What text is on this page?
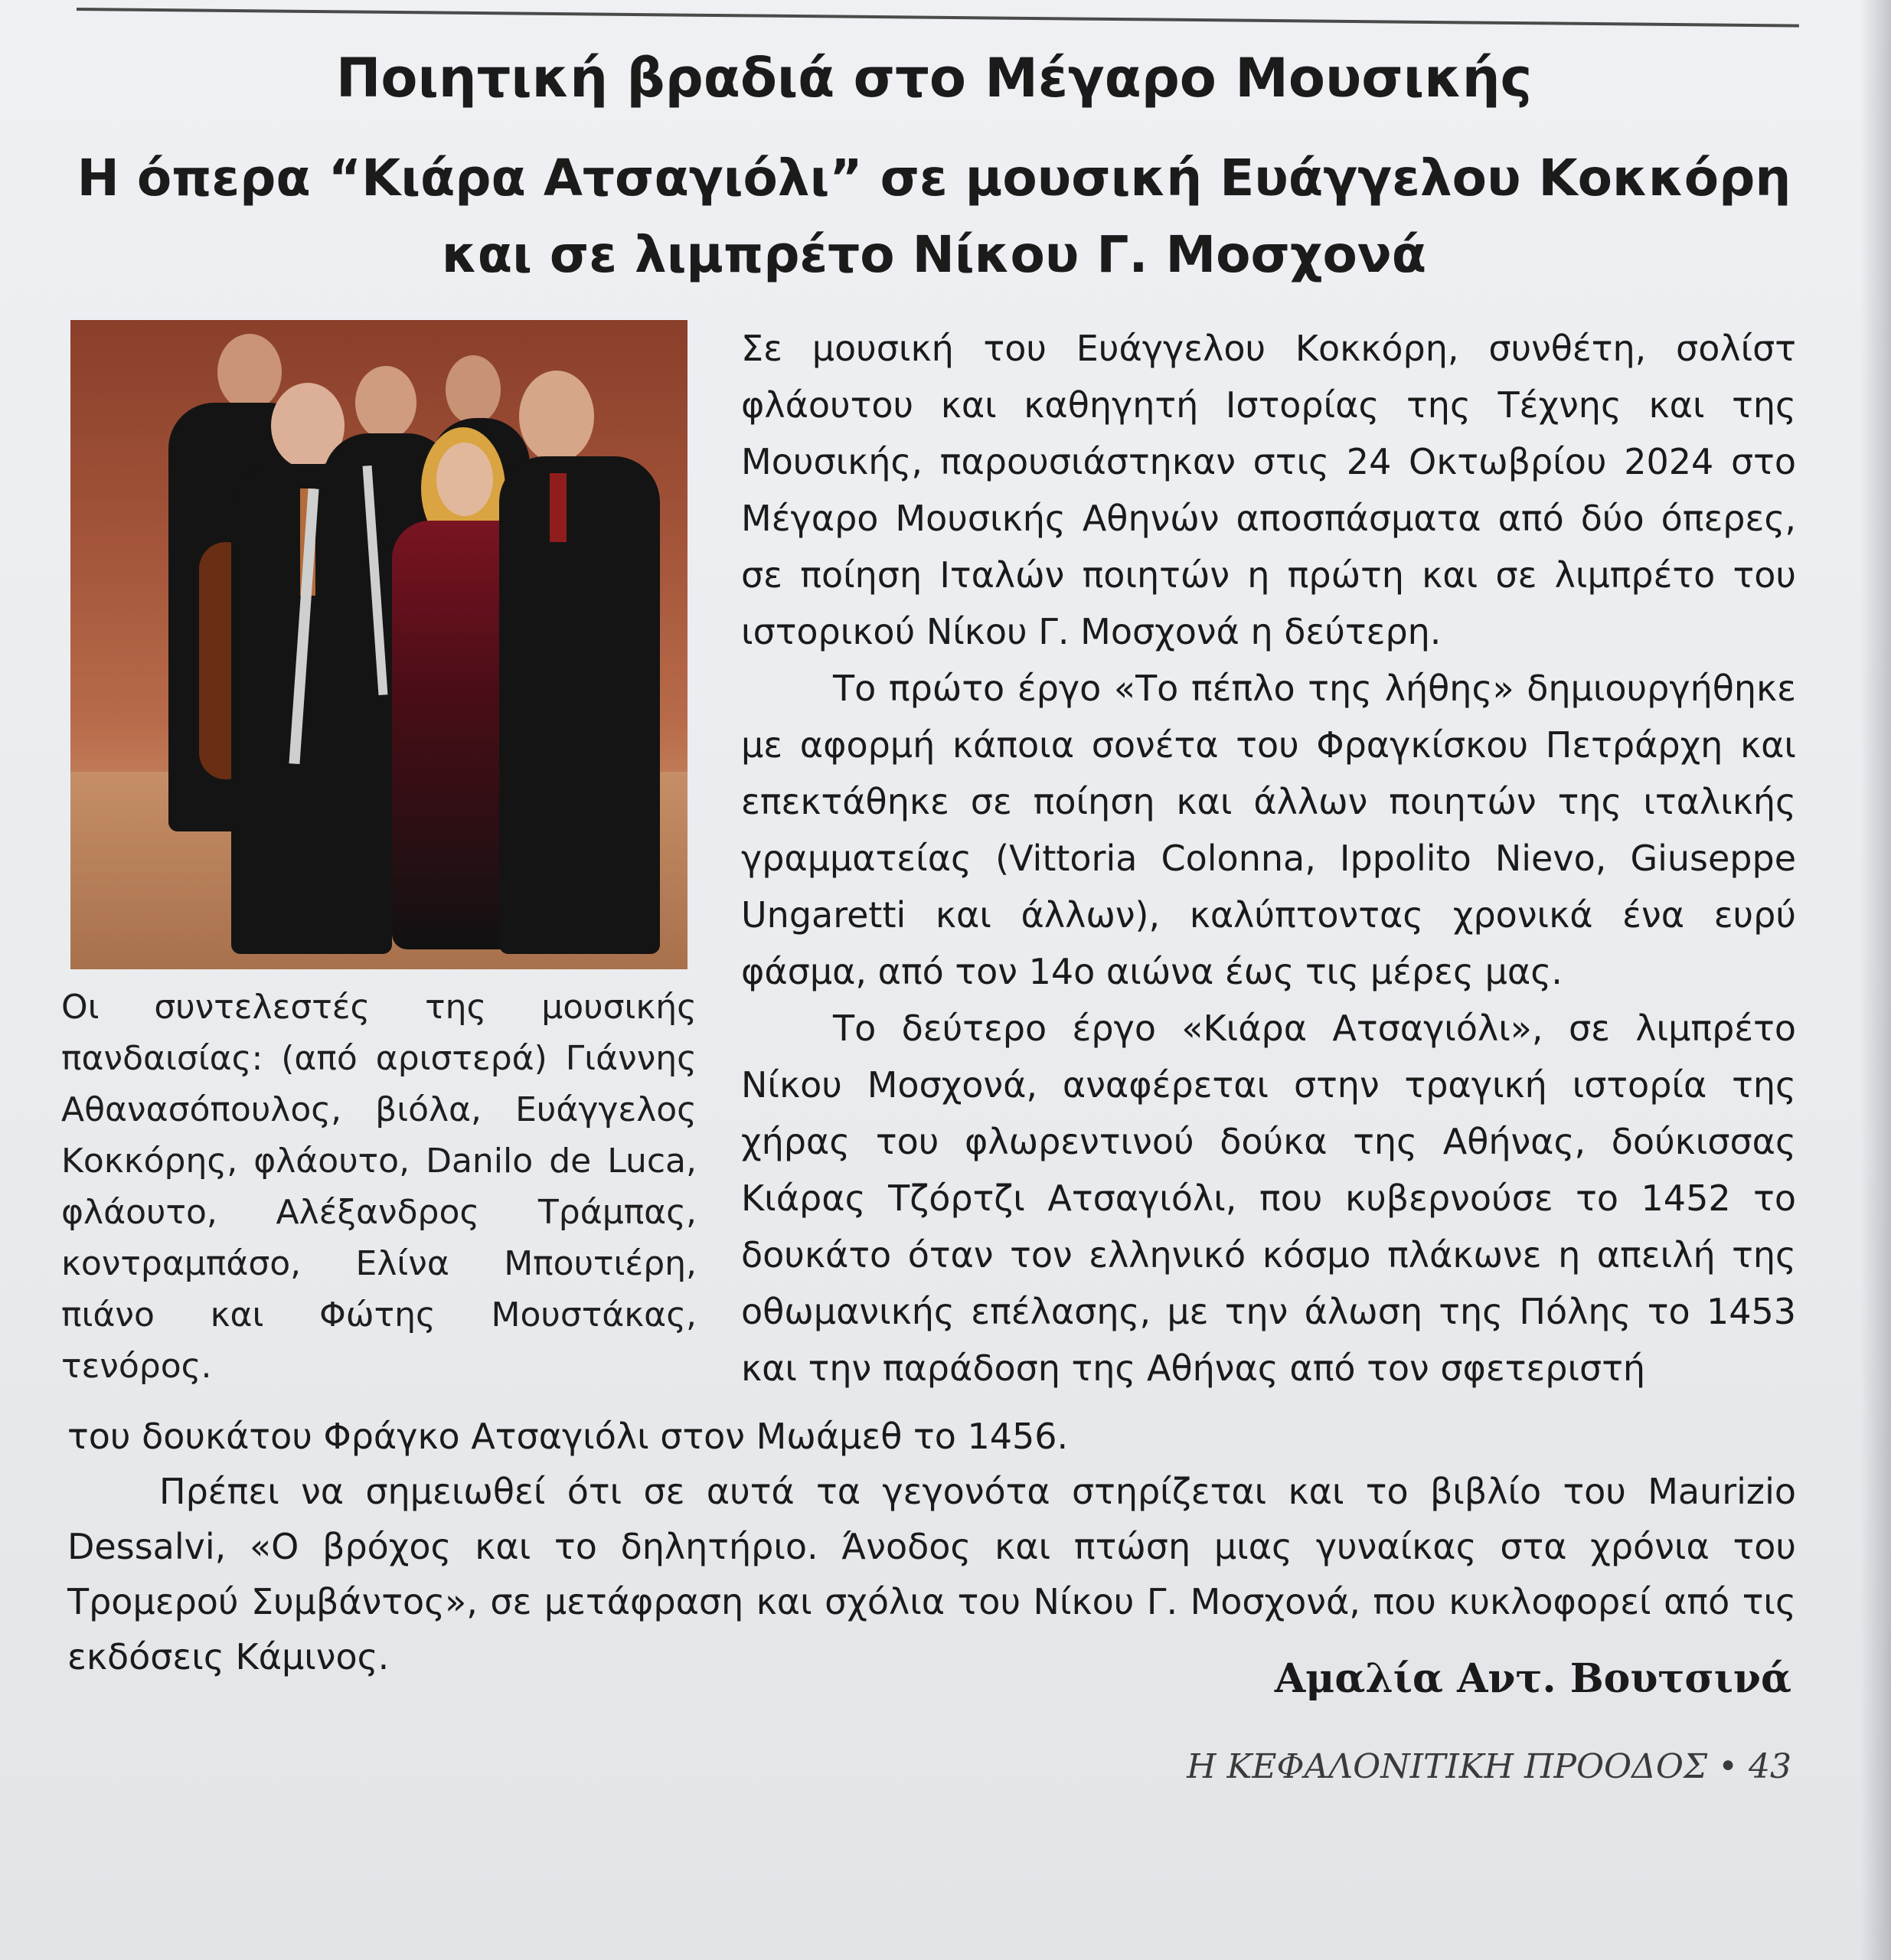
Ποιητική βραδιά στο Μέγαρο Μουσικής
Η όπερα “Κιάρα Ατσαγιόλι” σε μουσική Ευάγγελου Κοκκόρη
και σε λιμπρέτο Νίκου Γ. Μοσχονά

Οι συντελεστές της μουσικής πανδαισίας: (από αριστερά) Γιάννης Αθανασόπουλος, βιόλα, Ευάγγελος Κοκκόρης, φλάουτο, Danilo de Luca, φλάουτο, Αλέξανδρος Τράμπας, κοντραμπάσο, Ελίνα Μπουτιέρη, πιάνο και Φώτης Μουστάκας, τενόρος.

Σε μουσική του Ευάγγελου Κοκκόρη, συνθέτη, σολίστ φλάουτου και καθηγητή Ιστορίας της Τέχνης και της Μουσικής, παρουσιάστηκαν στις 24 Οκτωβρίου 2024 στο Μέγαρο Μουσικής Αθηνών αποσπάσματα από δύο όπερες, σε ποίηση Ιταλών ποιητών η πρώτη και σε λιμπρέτο του ιστορικού Νίκου Γ. Μοσχονά η δεύτερη.

Το πρώτο έργο «Το πέπλο της λήθης» δημιουργήθηκε με αφορμή κάποια σονέτα του Φραγκίσκου Πετράρχη και επεκτάθηκε σε ποίηση και άλλων ποιητών της ιταλικής γραμματείας (Vittoria Colonna, Ippolito Nievo, Giuseppe Ungaretti και άλλων), καλύπτοντας χρονικά ένα ευρύ φάσμα, από τον 14ο αιώνα έως τις μέρες μας.

Το δεύτερο έργο «Κιάρα Ατσαγιόλι», σε λιμπρέτο Νίκου Μοσχονά, αναφέρεται στην τραγική ιστορία της χήρας του φλωρεντινού δούκα της Αθήνας, δούκισσας Κιάρας Τζόρτζι Ατσαγιόλι, που κυβερνούσε το 1452 το δουκάτο όταν τον ελληνικό κόσμο πλάκωνε η απειλή της οθωμανικής επέλασης, με την άλωση της Πόλης το 1453 και την παράδοση της Αθήνας από τον σφετεριστή

του δουκάτου Φράγκο Ατσαγιόλι στον Μωάμεθ το 1456.

Πρέπει να σημειωθεί ότι σε αυτά τα γεγονότα στηρίζεται και το βιβλίο του Maurizio Dessalvi, «Ο βρόχος και το δηλητήριο. Άνοδος και πτώση μιας γυναίκας στα χρόνια του Τρομερού Συμβάντος», σε μετάφραση και σχόλια του Νίκου Γ. Μοσχονά, που κυκλοφορεί από τις εκδόσεις Κάμινος.	Αμαλία Αντ. Βουτσινά
Η ΚΕΦΑΛΟΝΙΤΙΚΗ ΠΡΟΟΔΟΣ • 43
